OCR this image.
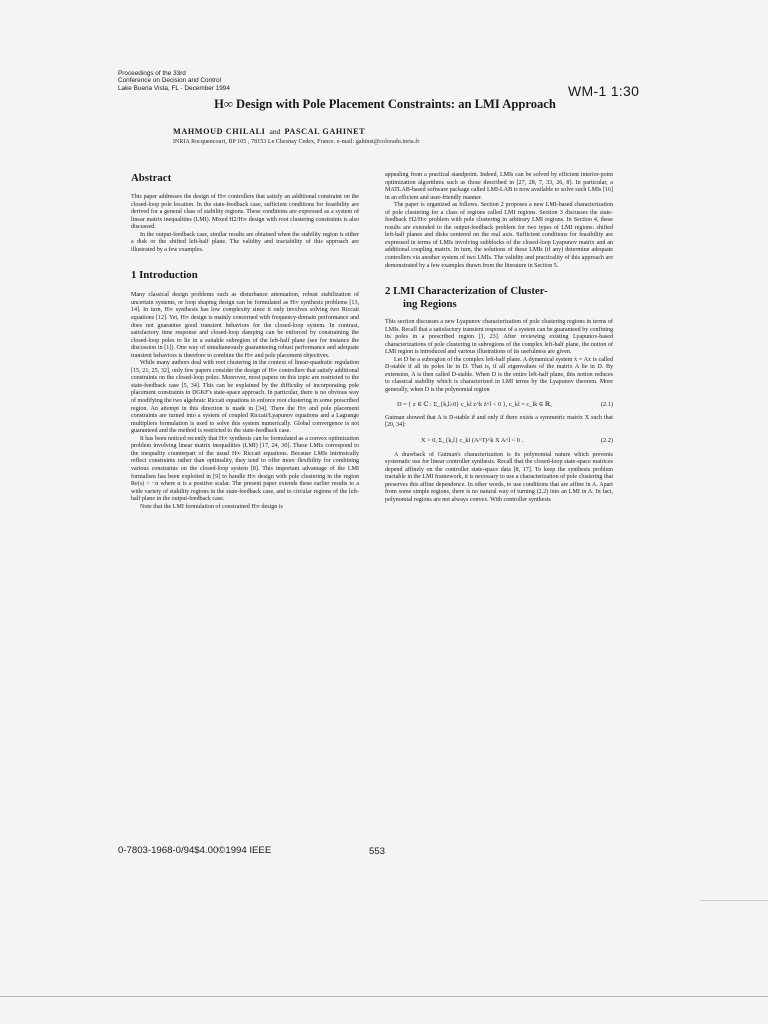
Proceedings of the 33rd
Conference on Decision and Control
Lake Buena Vista, FL - December 1994	WM-1 1:30
H∞ Design with Pole Placement Constraints: an LMI Approach
MAHMOUD CHILALI and PASCAL GAHINET
INRIA Rocquencourt, BP 105 , 78153 Le Chesnay Cedex, France. e-mail: gahinet@colorado.inria.fr
Abstract

This paper addresses the design of H∞ controllers that satisfy an additional constraint on the closed-loop pole location. In the state-feedback case, sufficient conditions for feasibility are derived for a general class of stability regions. These conditions are expressed as a system of linear matrix inequalities (LMI). Mixed H2/H∞ design with root clustering constraints is also discussed.

In the output-feedback case, similar results are obtained when the stability region is either a disk or the shifted left-half plane. The validity and tractability of this approach are illustrated by a few examples.

1 Introduction

Many classical design problems such as disturbance attenuation, robust stabilization of uncertain systems, or loop shaping design can be formulated as H∞ synthesis problems [13, 14]. In turn, H∞ synthesis has low complexity since it only involves solving two Riccati equations [12]. Yet, H∞ design is mainly concerned with frequency-domain performance and does not guarantee good transient behaviors for the closed-loop system. In contrast, satisfactory time response and closed-loop damping can be enforced by constraining the closed-loop poles to lie in a suitable subregion of the left-half plane (see for instance the discussion in [1]). One way of simultaneously guaranteeing robust performance and adequate transient behaviors is therefore to combine the H∞ and pole placement objectives.

While many authors deal with root clustering in the context of linear-quadratic regulation [15, 21, 25, 32], only few papers consider the design of H∞ controllers that satisfy additional constraints on the closed-loop poles. Moreover, most papers on this topic are restricted to the state-feedback case [5, 34]. This can be explained by the difficulty of incorporating pole placement constraints in DGKF's state-space approach. In particular, there is no obvious way of modifying the two algebraic Riccati equations to enforce root clustering in some prescribed region. An attempt in this direction is made in [34]. There the H∞ and pole placement constraints are turned into a system of coupled Riccati/Lyapunov equations and a Lagrange multipliers formulation is used to solve this system numerically. Global convergence is not guaranteed and the method is restricted to the state-feedback case.

It has been noticed recently that H∞ synthesis can be formulated as a convex optimization problem involving linear matrix inequalities (LMI) [17, 24, 30]. These LMIs correspond to the inequality counterpart of the usual H∞ Riccati equations. Because LMIs intrinsically reflect constraints rather than optimality, they tend to offer more flexibility for combining various constraints on the closed-loop system [8]. This important advantage of the LMI formalism has been exploited in [9] to handle H∞ design with pole clustering in the region Re(s) < −α where α is a positive scalar. The present paper extends these earlier results to a wide variety of stability regions in the state-feedback case, and to circular regions of the left-half plane in the output-feedback case.

Note that the LMI formulation of constrained H∞ design is

appealing from a practical standpoint. Indeed, LMIs can be solved by efficient interior-point optimization algorithms such as those described in [27, 28, 7, 33, 26, 8]. In particular, a MATLAB-based software package called LMI-LAB is now available to solve such LMIs [16] in an efficient and user-friendly manner.

The paper is organized as follows. Section 2 proposes a new LMI-based characterization of pole clustering for a class of regions called LMI regions. Section 3 discusses the state-feedback H2/H∞ problem with pole clustering in arbitrary LMI regions. In Section 4, these results are extended to the output-feedback problem for two types of LMI regions: shifted left-half planes and disks centered on the real axis. Sufficient conditions for feasibility are expressed in terms of LMIs involving subblocks of the closed-loop Lyapunov matrix and an additional coupling matrix. In turn, the solutions of these LMIs (if any) determine adequate controllers via another system of two LMIs. The validity and practicality of this approach are demonstrated by a few examples drawn from the literature in Section 5.

2 LMI Characterization of Cluster-
ing Regions

This section discusses a new Lyapunov characterization of pole clustering regions in terms of LMIs. Recall that a satisfactory transient response of a system can be guaranteed by confining its poles in a prescribed region [1, 23]. After reviewing existing Lyapunov-based characterizations of pole clustering in subregions of the complex left-half plane, the notion of LMI region is introduced and various illustrations of its usefulness are given.

Let D be a subregion of the complex left-half plane. A dynamical system ẋ = Ax is called D-stable if all its poles lie in D. That is, if all eigenvalues of the matrix A lie in D. By extension, A is then called D-stable. When D is the entire left-half plane, this notion reduces to classical stability which is characterized in LMI terms by the Lyapunov theorem. More generally, when D is the polynomial region

D = { z ∈ ℂ : Σ_{k,l≥0} c_kl z^k z̄^l < 0 }, c_kl = c_lk ∈ ℝ,	(2.1)

Gutman showed that A is D-stable if and only if there exists a symmetric matrix X such that [20, 34]:

X > 0, Σ_{k,l} c_kl (A^T)^k X A^l < 0 .	(2.2)

A drawback of Gutman's characterization is its polynomial nature which prevents systematic use for linear controller synthesis. Recall that the closed-loop state-space matrices depend affinely on the controller state-space data [8, 17]. To keep the synthesis problem tractable in the LMI framework, it is necessary to use a characterization of pole clustering that preserves this affine dependence. In other words, to use conditions that are affine in A. Apart from some simple regions, there is no natural way of turning (2.2) into an LMI in A. In fact, polynomial regions are not always convex. With controller synthesis

0-7803-1968-0/94$4.00©1994 IEEE	553
